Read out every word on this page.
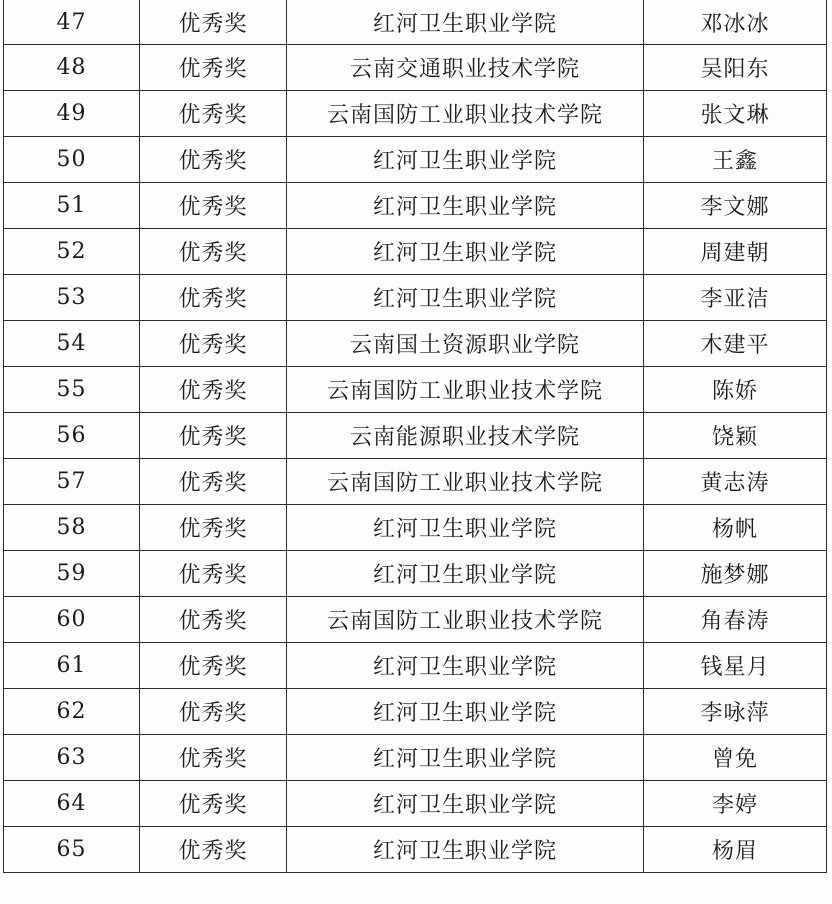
47	优秀奖	红河卫生职业学院	邓冰冰
48	优秀奖	云南交通职业技术学院	吴阳东
49	优秀奖	云南国防工业职业技术学院	张文琳
50	优秀奖	红河卫生职业学院	王鑫
51	优秀奖	红河卫生职业学院	李文娜
52	优秀奖	红河卫生职业学院	周建朝
53	优秀奖	红河卫生职业学院	李亚洁
54	优秀奖	云南国土资源职业学院	木建平
55	优秀奖	云南国防工业职业技术学院	陈娇
56	优秀奖	云南能源职业技术学院	饶颖
57	优秀奖	云南国防工业职业技术学院	黄志涛
58	优秀奖	红河卫生职业学院	杨帆
59	优秀奖	红河卫生职业学院	施梦娜
60	优秀奖	云南国防工业职业技术学院	角春涛
61	优秀奖	红河卫生职业学院	钱星月
62	优秀奖	红河卫生职业学院	李咏萍
63	优秀奖	红河卫生职业学院	曾免
64	优秀奖	红河卫生职业学院	李婷
65	优秀奖	红河卫生职业学院	杨眉
